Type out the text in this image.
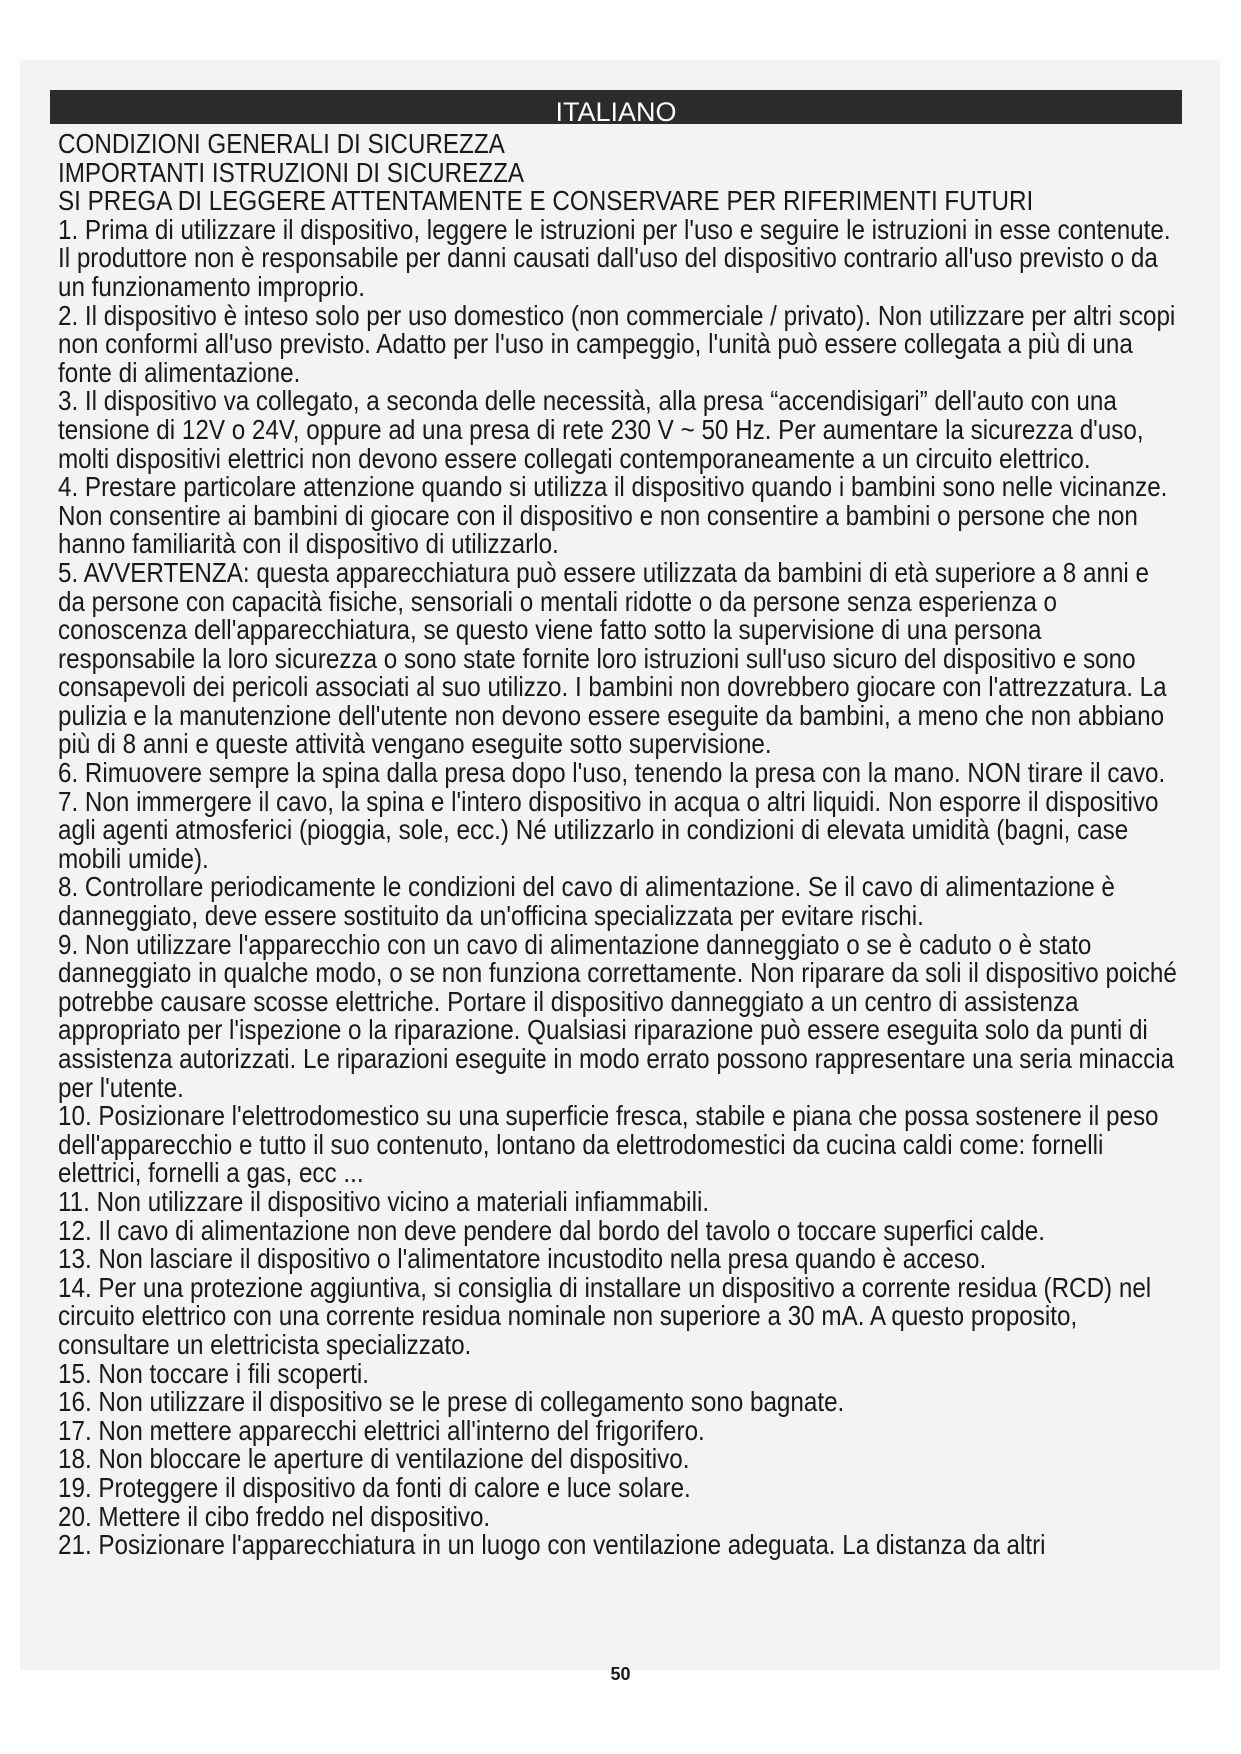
ITALIANO
CONDIZIONI GENERALI DI SICUREZZA
IMPORTANTI ISTRUZIONI DI SICUREZZA
SI PREGA DI LEGGERE ATTENTAMENTE E CONSERVARE PER RIFERIMENTI FUTURI

1. Prima di utilizzare il dispositivo, leggere le istruzioni per l'uso e seguire le istruzioni in esse contenute. Il produttore non è responsabile per danni causati dall'uso del dispositivo contrario all'uso previsto o da un funzionamento improprio.

2. Il dispositivo è inteso solo per uso domestico (non commerciale / privato). Non utilizzare per altri scopi non conformi all'uso previsto. Adatto per l'uso in campeggio, l'unità può essere collegata a più di una fonte di alimentazione.

3. Il dispositivo va collegato, a seconda delle necessità, alla presa “accendisigari” dell'auto con una tensione di 12V o 24V, oppure ad una presa di rete 230 V ~ 50 Hz. Per aumentare la sicurezza d'uso, molti dispositivi elettrici non devono essere collegati contemporaneamente a un circuito elettrico.

4. Prestare particolare attenzione quando si utilizza il dispositivo quando i bambini sono nelle vicinanze. Non consentire ai bambini di giocare con il dispositivo e non consentire a bambini o persone che non hanno familiarità con il dispositivo di utilizzarlo.

5. AVVERTENZA: questa apparecchiatura può essere utilizzata da bambini di età superiore a 8 anni e da persone con capacità fisiche, sensoriali o mentali ridotte o da persone senza esperienza o conoscenza dell'apparecchiatura, se questo viene fatto sotto la supervisione di una persona responsabile la loro sicurezza o sono state fornite loro istruzioni sull'uso sicuro del dispositivo e sono consapevoli dei pericoli associati al suo utilizzo. I bambini non dovrebbero giocare con l'attrezzatura. La pulizia e la manutenzione dell'utente non devono essere eseguite da bambini, a meno che non abbiano più di 8 anni e queste attività vengano eseguite sotto supervisione.

6. Rimuovere sempre la spina dalla presa dopo l'uso, tenendo la presa con la mano. NON tirare il cavo.

7. Non immergere il cavo, la spina e l'intero dispositivo in acqua o altri liquidi. Non esporre il dispositivo agli agenti atmosferici (pioggia, sole, ecc.) Né utilizzarlo in condizioni di elevata umidità (bagni, case mobili umide).

8. Controllare periodicamente le condizioni del cavo di alimentazione. Se il cavo di alimentazione è danneggiato, deve essere sostituito da un'officina specializzata per evitare rischi.

9. Non utilizzare l'apparecchio con un cavo di alimentazione danneggiato o se è caduto o è stato danneggiato in qualche modo, o se non funziona correttamente. Non riparare da soli il dispositivo poiché potrebbe causare scosse elettriche. Portare il dispositivo danneggiato a un centro di assistenza appropriato per l'ispezione o la riparazione. Qualsiasi riparazione può essere eseguita solo da punti di assistenza autorizzati. Le riparazioni eseguite in modo errato possono rappresentare una seria minaccia per l'utente.

10. Posizionare l'elettrodomestico su una superficie fresca, stabile e piana che possa sostenere il peso dell'apparecchio e tutto il suo contenuto, lontano da elettrodomestici da cucina caldi come: fornelli elettrici, fornelli a gas, ecc ...

11. Non utilizzare il dispositivo vicino a materiali infiammabili.

12. Il cavo di alimentazione non deve pendere dal bordo del tavolo o toccare superfici calde.

13. Non lasciare il dispositivo o l'alimentatore incustodito nella presa quando è acceso.

14. Per una protezione aggiuntiva, si consiglia di installare un dispositivo a corrente residua (RCD) nel circuito elettrico con una corrente residua nominale non superiore a 30 mA. A questo proposito, consultare un elettricista specializzato.

15. Non toccare i fili scoperti.

16. Non utilizzare il dispositivo se le prese di collegamento sono bagnate.

17. Non mettere apparecchi elettrici all'interno del frigorifero.

18. Non bloccare le aperture di ventilazione del dispositivo.

19. Proteggere il dispositivo da fonti di calore e luce solare.

20. Mettere il cibo freddo nel dispositivo.

21. Posizionare l'apparecchiatura in un luogo con ventilazione adeguata. La distanza da altri

50
